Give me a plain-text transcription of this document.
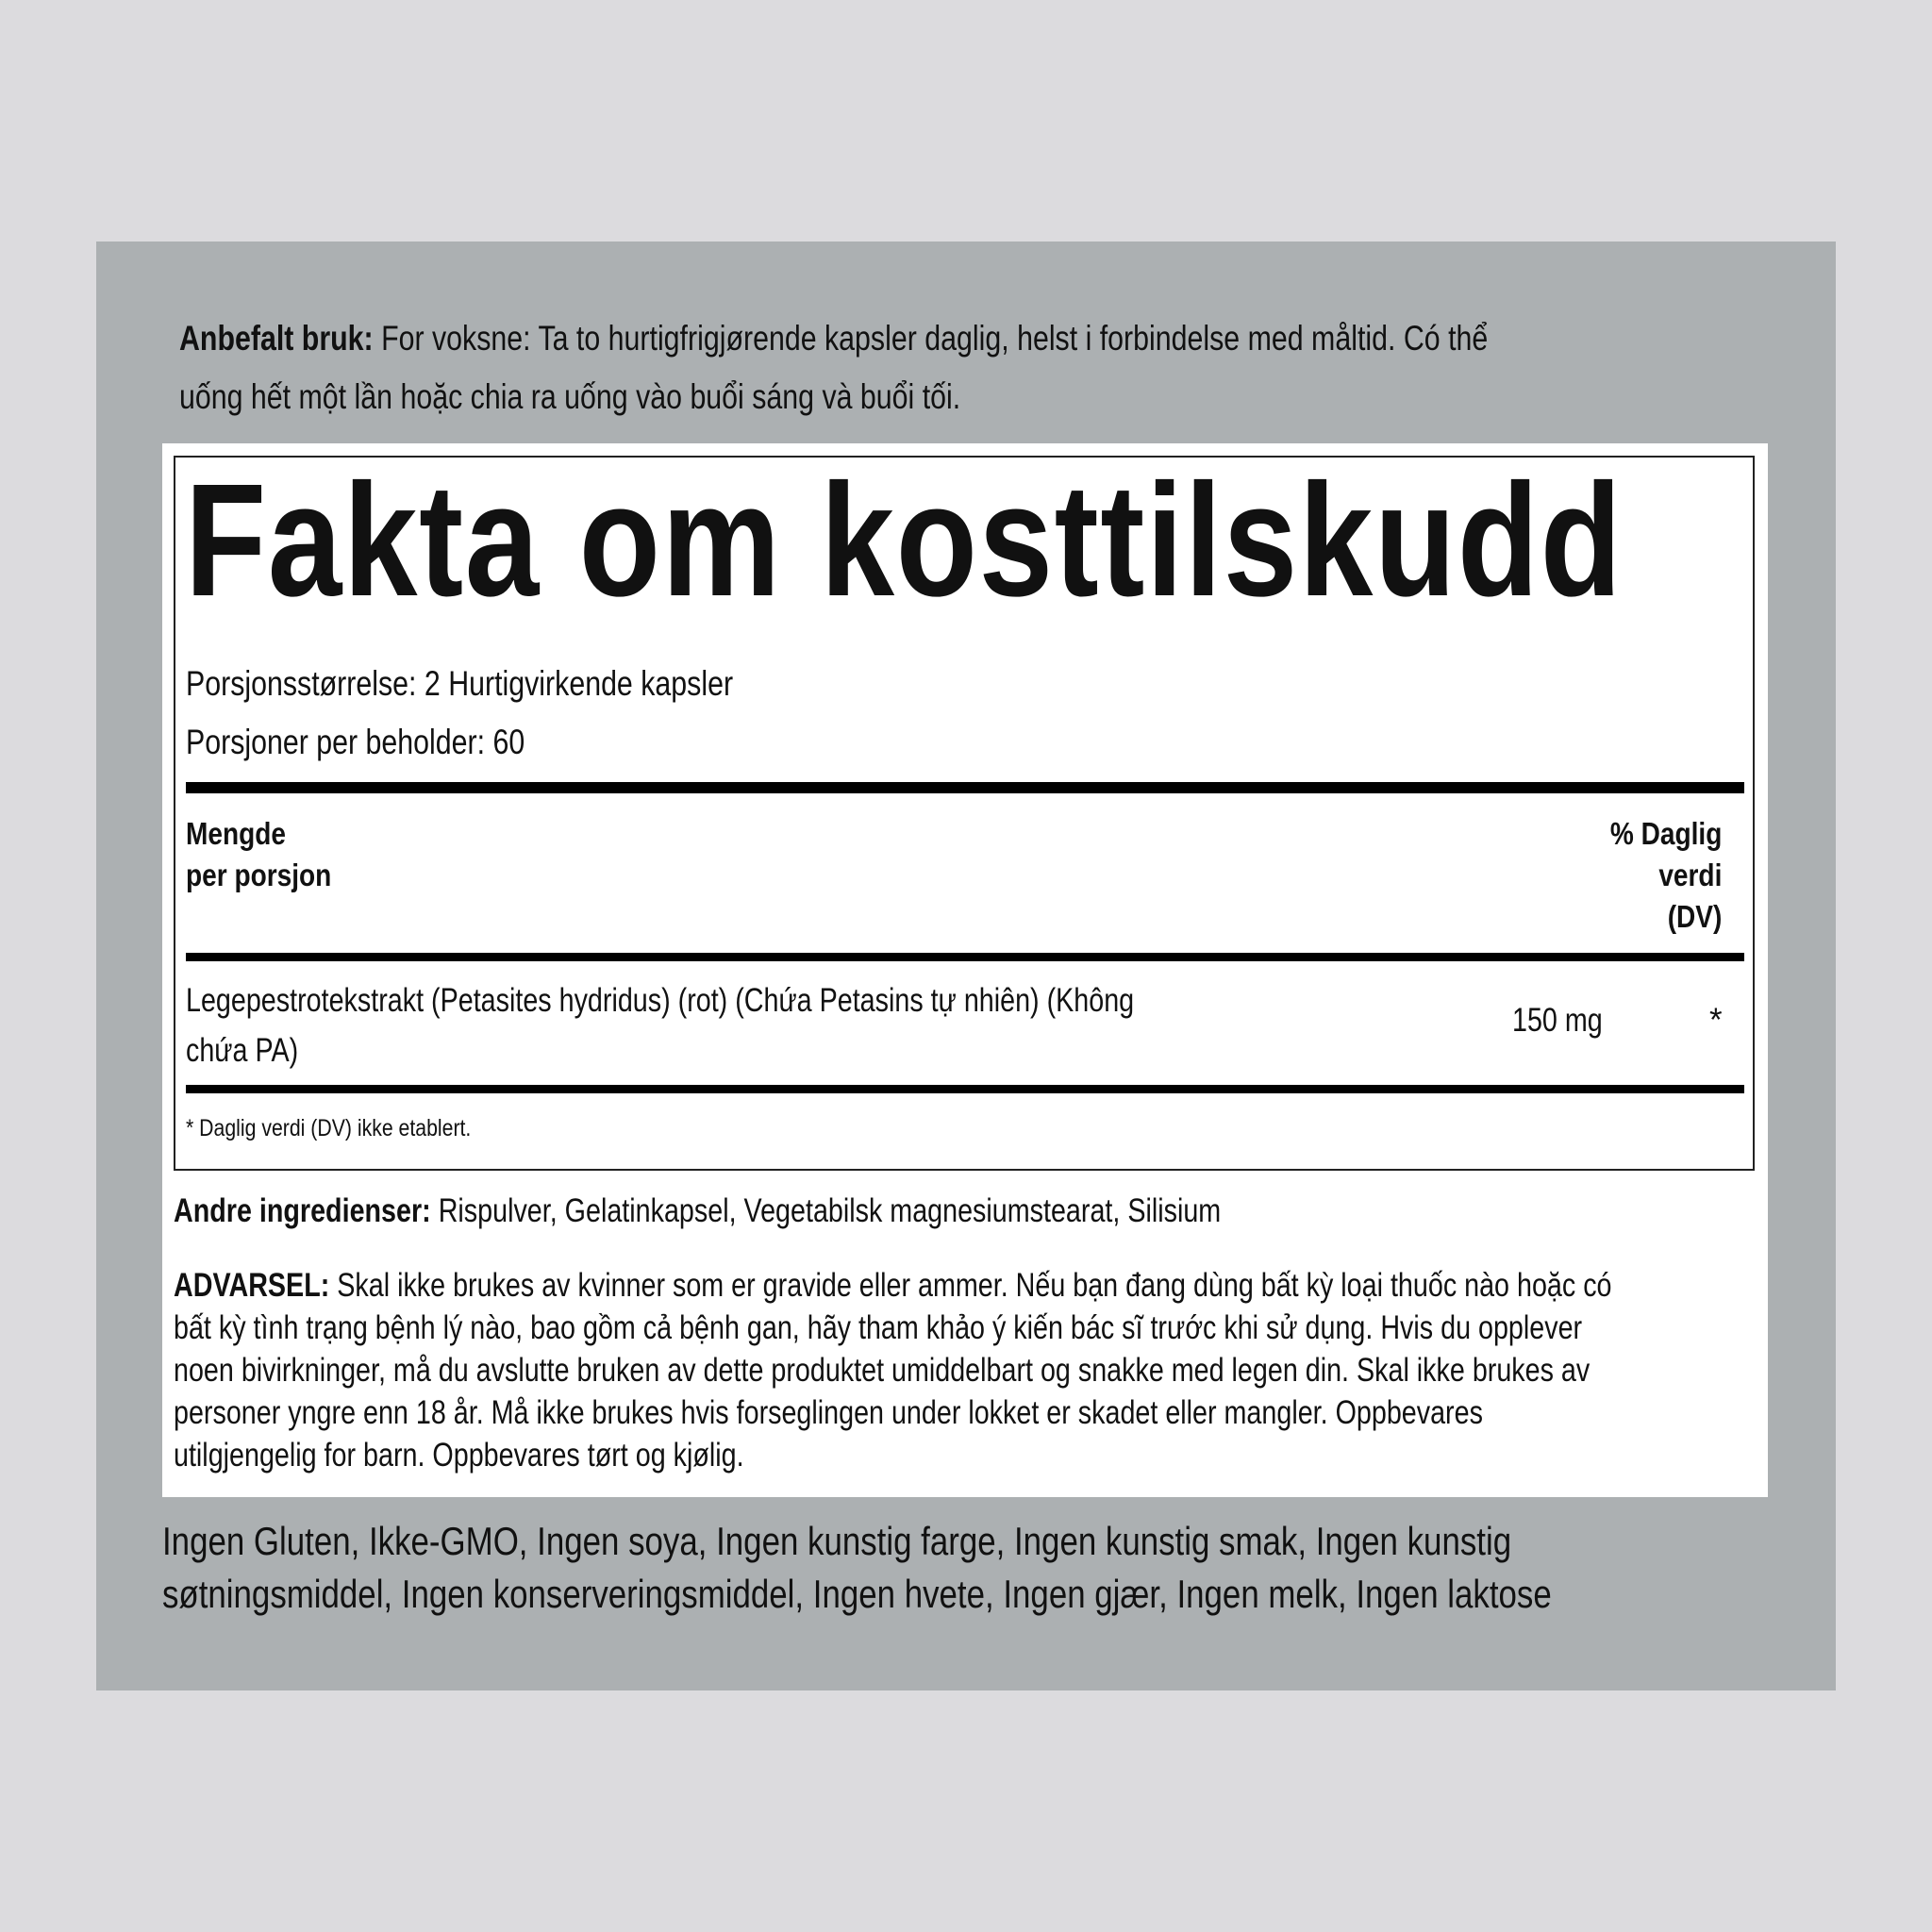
Anbefalt bruk: For voksne: Ta to hurtigfrigjørende kapsler daglig, helst i forbindelse med måltid. Có thể
uống hết một lần hoặc chia ra uống vào buổi sáng và buổi tối.
Fakta om kosttilskudd
Porsjonsstørrelse: 2 Hurtigvirkende kapsler
Porsjoner per beholder: 60
Mengde
per porsjon
% Daglig
verdi
(DV)
Legepestrotekstrakt (Petasites hydridus) (rot) (Chứa Petasins tự nhiên) (Không
chứa PA)
150 mg	*
* Daglig verdi (DV) ikke etablert.
Andre ingredienser: Rispulver, Gelatinkapsel, Vegetabilsk magnesiumstearat, Silisium
ADVARSEL: Skal ikke brukes av kvinner som er gravide eller ammer. Nếu bạn đang dùng bất kỳ loại thuốc nào hoặc có
bất kỳ tình trạng bệnh lý nào, bao gồm cả bệnh gan, hãy tham khảo ý kiến bác sĩ trước khi sử dụng. Hvis du opplever
noen bivirkninger, må du avslutte bruken av dette produktet umiddelbart og snakke med legen din. Skal ikke brukes av
personer yngre enn 18 år. Må ikke brukes hvis forseglingen under lokket er skadet eller mangler. Oppbevares
utilgjengelig for barn. Oppbevares tørt og kjølig.
Ingen Gluten, Ikke-GMO, Ingen soya, Ingen kunstig farge, Ingen kunstig smak, Ingen kunstig
søtningsmiddel, Ingen konserveringsmiddel, Ingen hvete, Ingen gjær, Ingen melk, Ingen laktose
